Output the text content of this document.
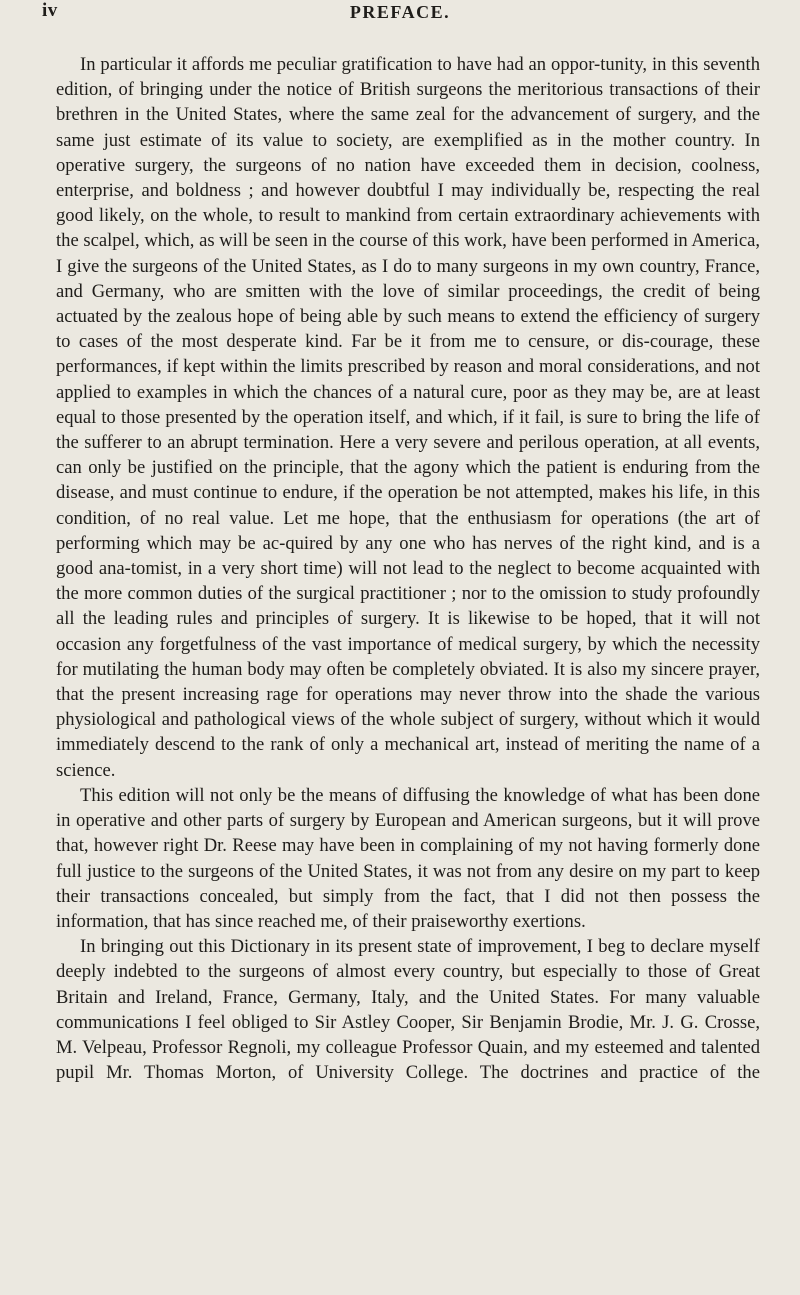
iv	PREFACE.

In particular it affords me peculiar gratification to have had an oppor-tunity, in this seventh edition, of bringing under the notice of British surgeons the meritorious transactions of their brethren in the United States, where the same zeal for the advancement of surgery, and the same just estimate of its value to society, are exemplified as in the mother country. In operative surgery, the surgeons of no nation have exceeded them in decision, coolness, enterprise, and boldness ; and however doubtful I may individually be, respecting the real good likely, on the whole, to result to mankind from certain extraordinary achievements with the scalpel, which, as will be seen in the course of this work, have been performed in America, I give the surgeons of the United States, as I do to many surgeons in my own country, France, and Germany, who are smitten with the love of similar proceedings, the credit of being actuated by the zealous hope of being able by such means to extend the efficiency of surgery to cases of the most desperate kind. Far be it from me to censure, or dis-courage, these performances, if kept within the limits prescribed by reason and moral considerations, and not applied to examples in which the chances of a natural cure, poor as they may be, are at least equal to those presented by the operation itself, and which, if it fail, is sure to bring the life of the sufferer to an abrupt termination. Here a very severe and perilous operation, at all events, can only be justified on the principle, that the agony which the patient is enduring from the disease, and must continue to endure, if the operation be not attempted, makes his life, in this condition, of no real value. Let me hope, that the enthusiasm for operations (the art of performing which may be ac-quired by any one who has nerves of the right kind, and is a good ana-tomist, in a very short time) will not lead to the neglect to become acquainted with the more common duties of the surgical practitioner ; nor to the omission to study profoundly all the leading rules and principles of surgery. It is likewise to be hoped, that it will not occasion any forgetfulness of the vast importance of medical surgery, by which the necessity for mutilating the human body may often be completely obviated. It is also my sincere prayer, that the present increasing rage for operations may never throw into the shade the various physiological and pathological views of the whole subject of surgery, without which it would immediately descend to the rank of only a mechanical art, instead of meriting the name of a science.

This edition will not only be the means of diffusing the knowledge of what has been done in operative and other parts of surgery by European and American surgeons, but it will prove that, however right Dr. Reese may have been in complaining of my not having formerly done full justice to the surgeons of the United States, it was not from any desire on my part to keep their transactions concealed, but simply from the fact, that I did not then possess the information, that has since reached me, of their praiseworthy exertions.

In bringing out this Dictionary in its present state of improvement, I beg to declare myself deeply indebted to the surgeons of almost every country, but especially to those of Great Britain and Ireland, France, Germany, Italy, and the United States. For many valuable communications I feel obliged to Sir Astley Cooper, Sir Benjamin Brodie, Mr. J. G. Crosse, M. Velpeau, Professor Regnoli, my colleague Professor Quain, and my esteemed and talented pupil Mr. Thomas Morton, of University College. The doctrines and practice of the
